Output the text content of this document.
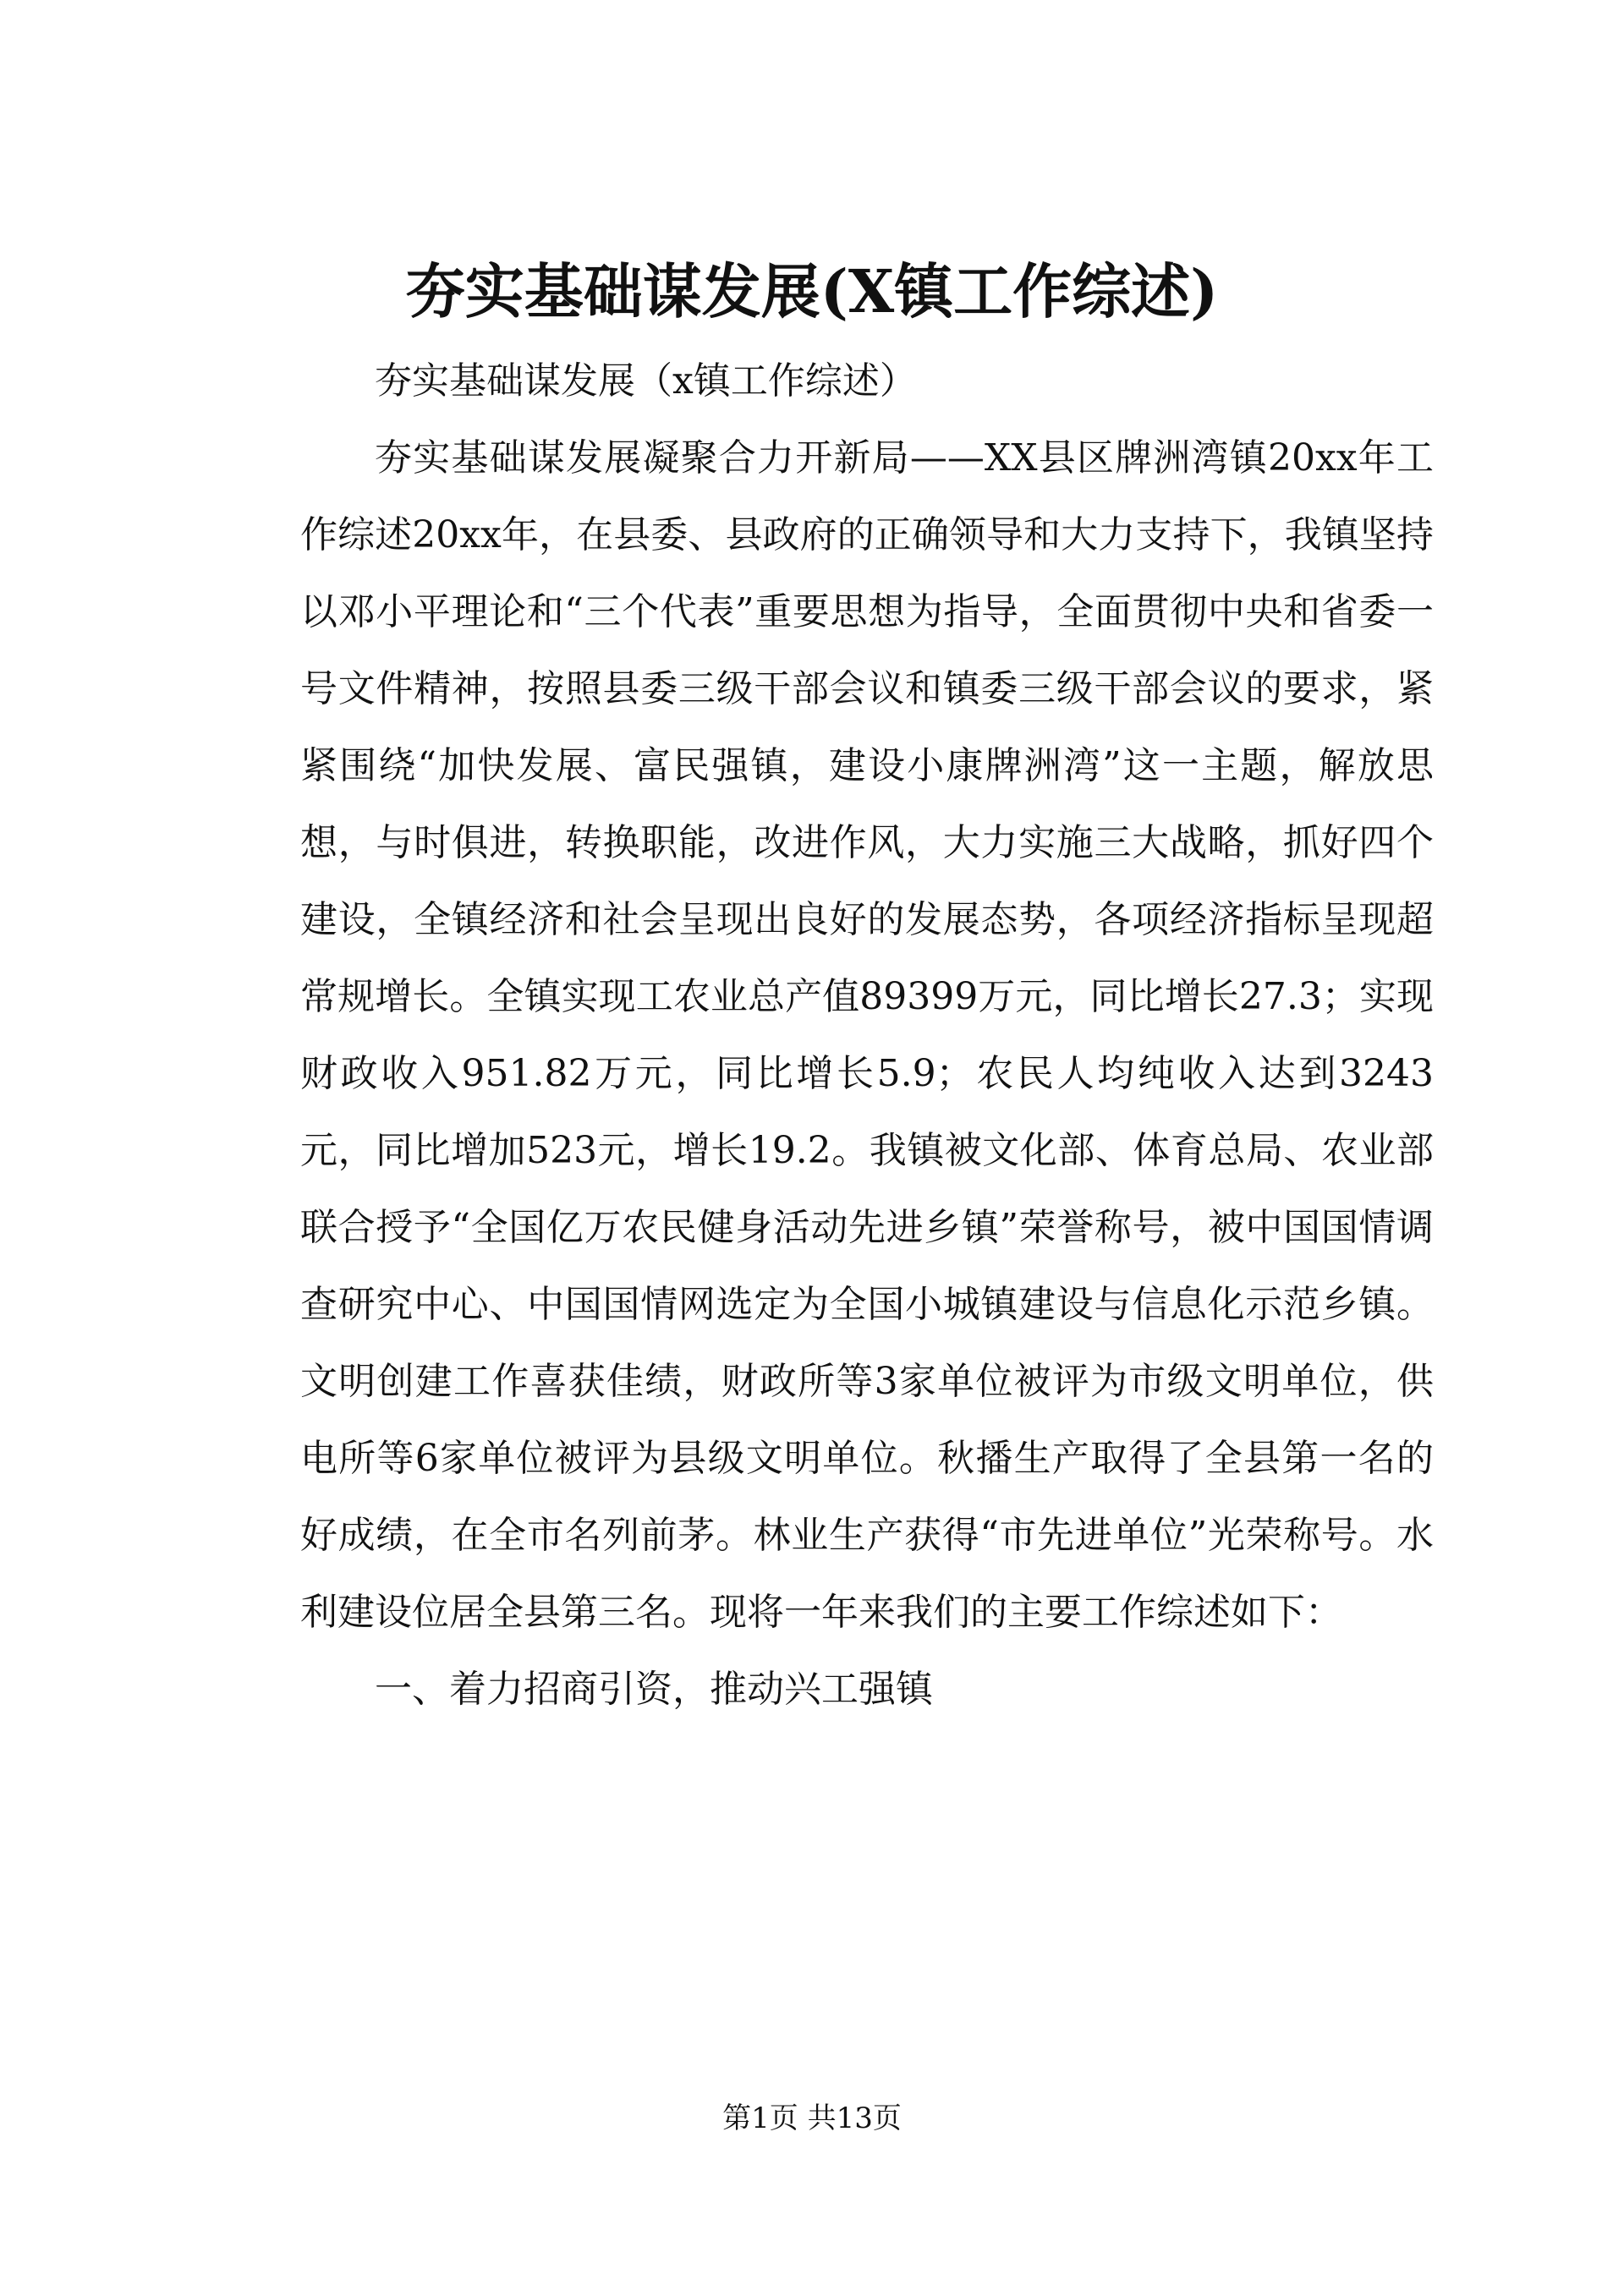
夯实基础谋发展(X镇工作综述)

夯实基础谋发展（x镇工作综述）

夯实基础谋发展凝聚合力开新局——XX县区牌洲湾镇20xx年工作综述20xx年，在县委、县政府的正确领导和大力支持下，我镇坚持以邓小平理论和“三个代表”重要思想为指导，全面贯彻中央和省委一号文件精神，按照县委三级干部会议和镇委三级干部会议的要求，紧紧围绕“加快发展、富民强镇，建设小康牌洲湾”这一主题，解放思想，与时俱进，转换职能，改进作风，大力实施三大战略，抓好四个建设，全镇经济和社会呈现出良好的发展态势，各项经济指标呈现超常规增长。全镇实现工农业总产值89399万元，同比增长27.3；实现财政收入951.82万元，同比增长5.9；农民人均纯收入达到3243元，同比增加523元，增长19.2。我镇被文化部、体育总局、农业部联合授予“全国亿万农民健身活动先进乡镇”荣誉称号，被中国国情调查研究中心、中国国情网选定为全国小城镇建设与信息化示范乡镇。文明创建工作喜获佳绩，财政所等3家单位被评为市级文明单位，供电所等6家单位被评为县级文明单位。秋播生产取得了全县第一名的好成绩，在全市名列前茅。林业生产获得“市先进单位”光荣称号。水利建设位居全县第三名。现将一年来我们的主要工作综述如下：

一、着力招商引资，推动兴工强镇

第1页 共13页
